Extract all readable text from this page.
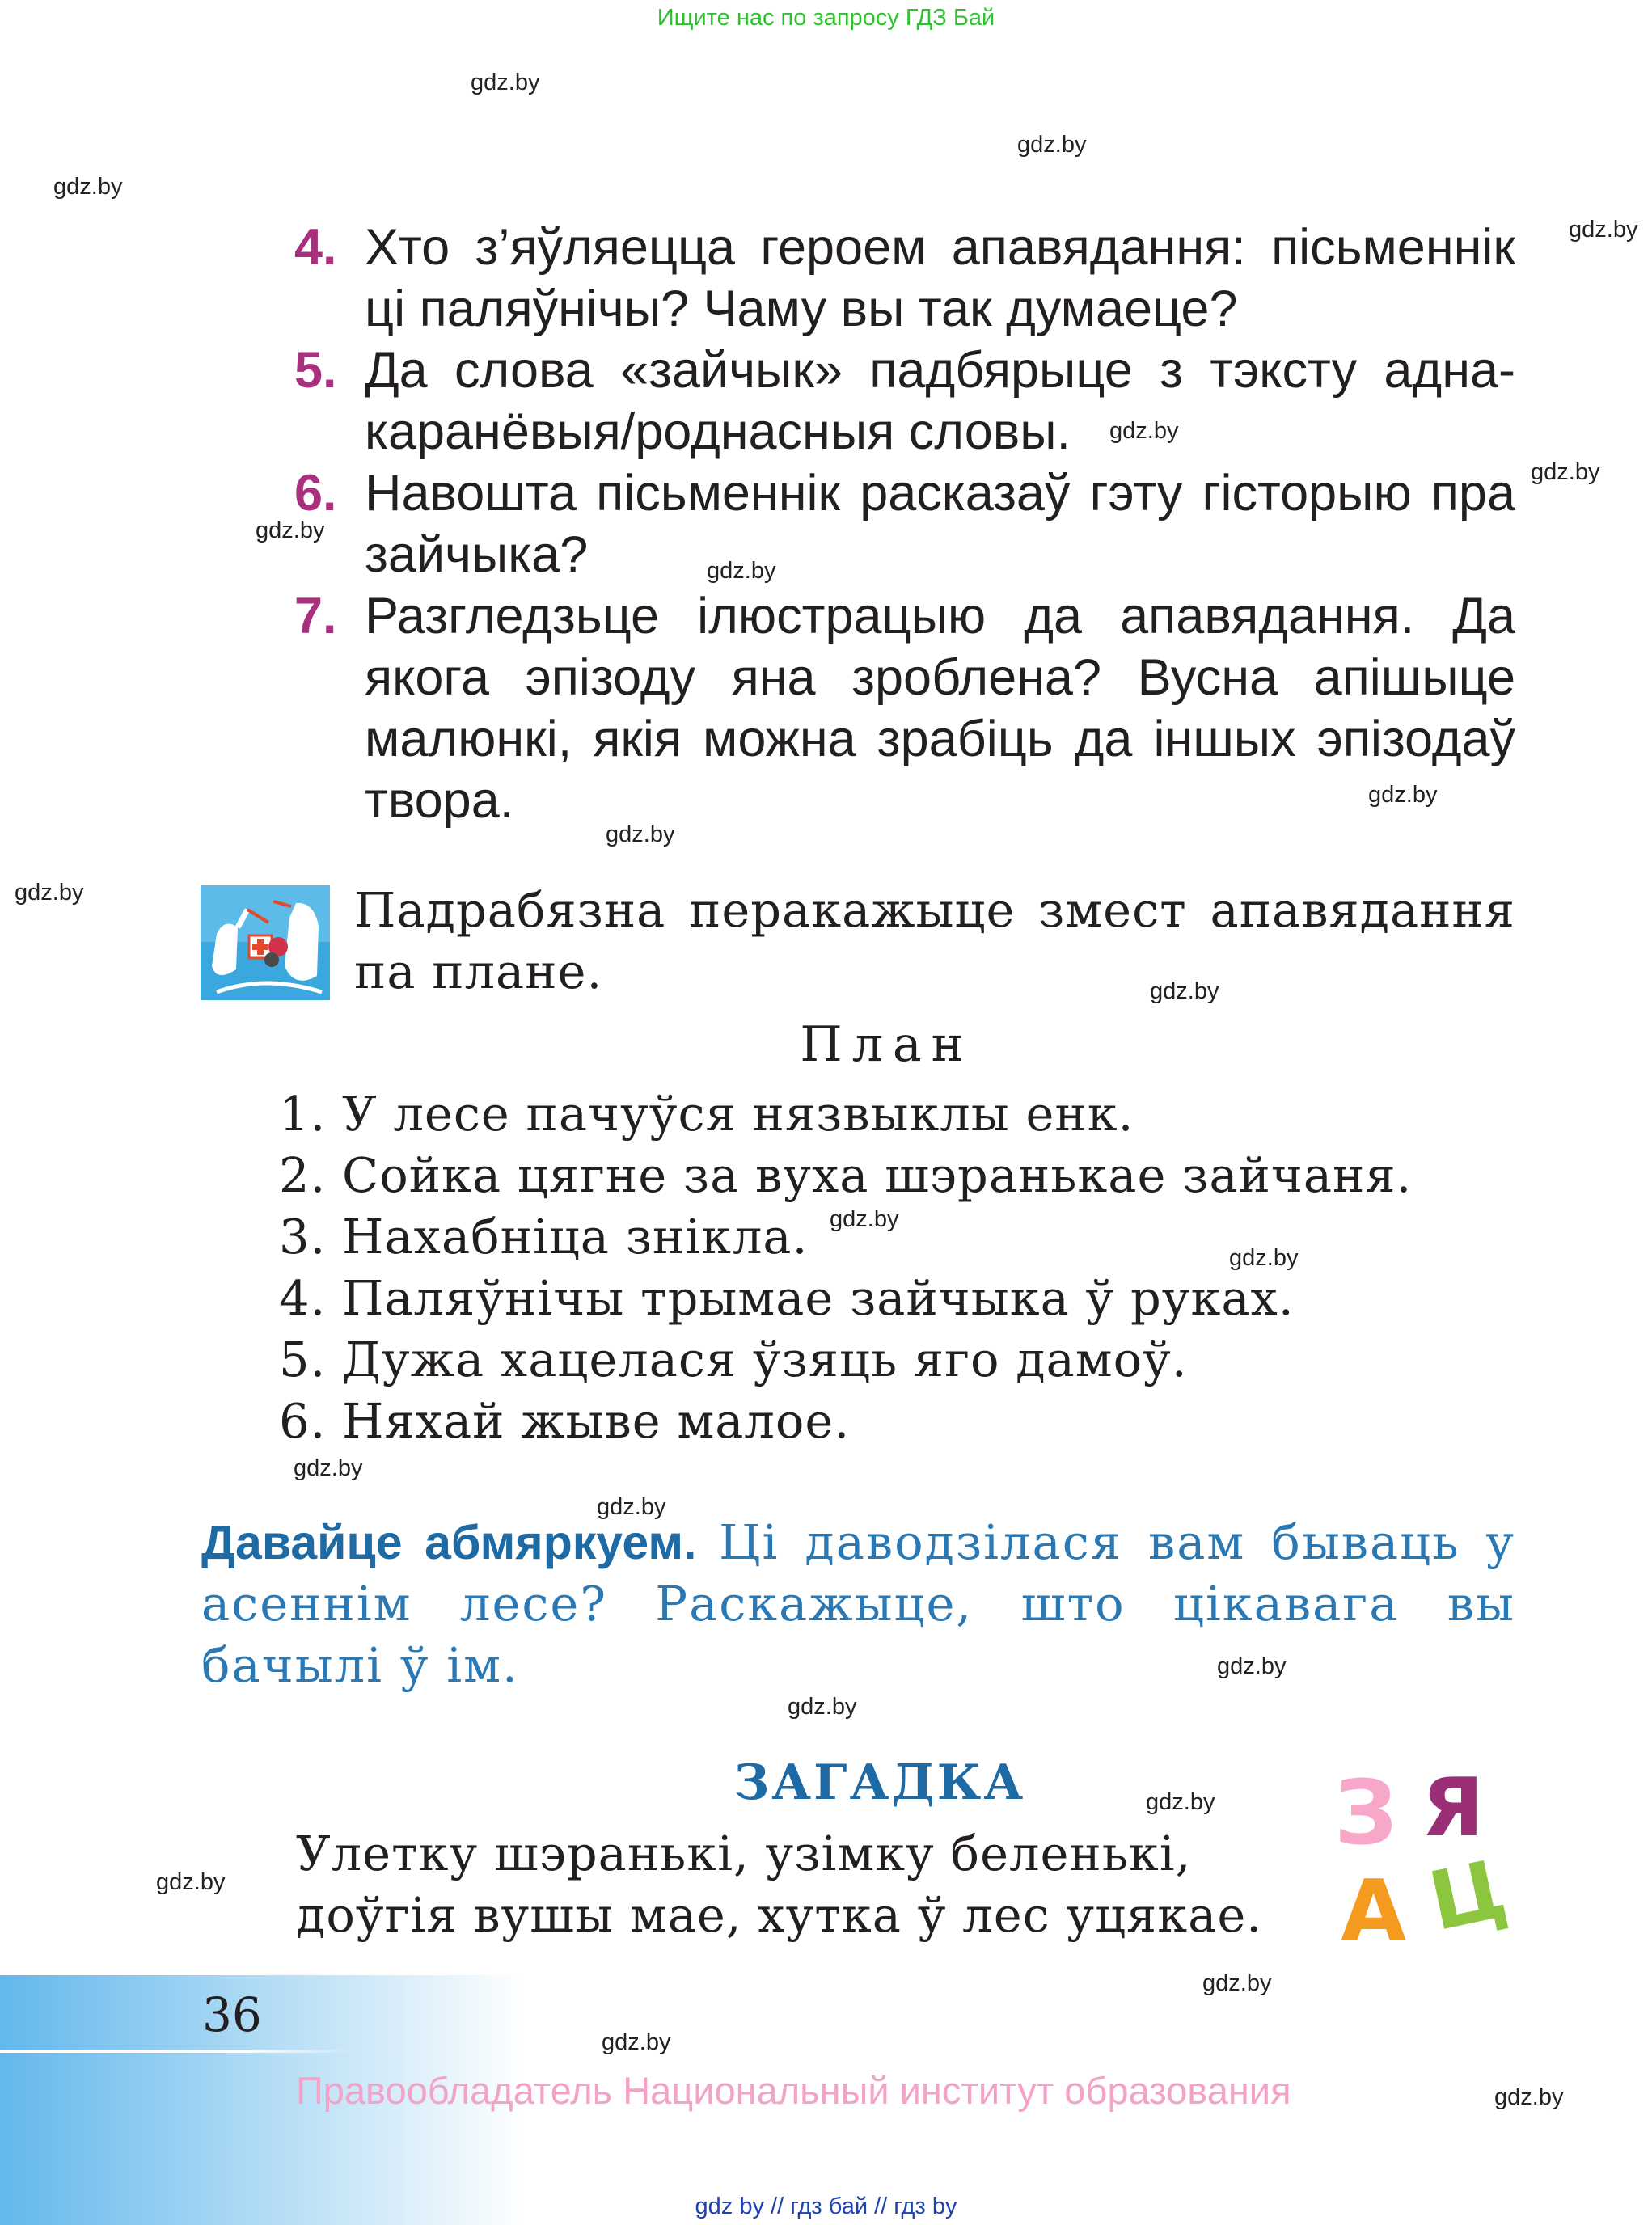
Ищите нас по запросу ГДЗ Бай
gdz.by
gdz.by
gdz.by
gdz.by
gdz.by
gdz.by
gdz.by
gdz.by
gdz.by
gdz.by
gdz.by
gdz.by
gdz.by
gdz.by
gdz.by
gdz.by
gdz.by
gdz.by
gdz.by
gdz.by
gdz.by
gdz.by
gdz.by

4. Хто з’яўляецца героем апавядання: пісьменнік ці паляўнічы? Чаму вы так думаеце?

5. Да слова «зайчык» падбярыце з тэксту адна-каранёвыя/роднасныя словы.

6. Навошта пісьменнік расказаў гэту гісторыю пра зайчыка?

7. Разгледзьце ілюстрацыю да апавядання. Да якога эпізоду яна зроблена? Вусна апішыце малюнкі, якія можна зрабіць да іншых эпізодаў твора.

Падрабязна перакажыце змест апавядання па плане.
План
1. У лесе пачуўся нязвыклы енк.
2. Сойка цягне за вуха шэранькае зайчаня.
3. Нахабніца знікла.
4. Паляўнічы трымае зайчыка ў руках.
5. Дужа хацелася ўзяць яго дамоў.
6. Няхай жыве малое.
Давайце абмяркуем. Ці даводзілася вам бываць у асеннім лесе? Раскажыце, што цікавага вы бачылі ў ім.
ЗАГАДКА
Улетку шэранькі, узімку беленькі,
доўгія вушы мае, хутка ў лес уцякае.
З Я
А Ц
36
Правообладатель Национальный институт образования
gdz by // гдз бай // гдз by
